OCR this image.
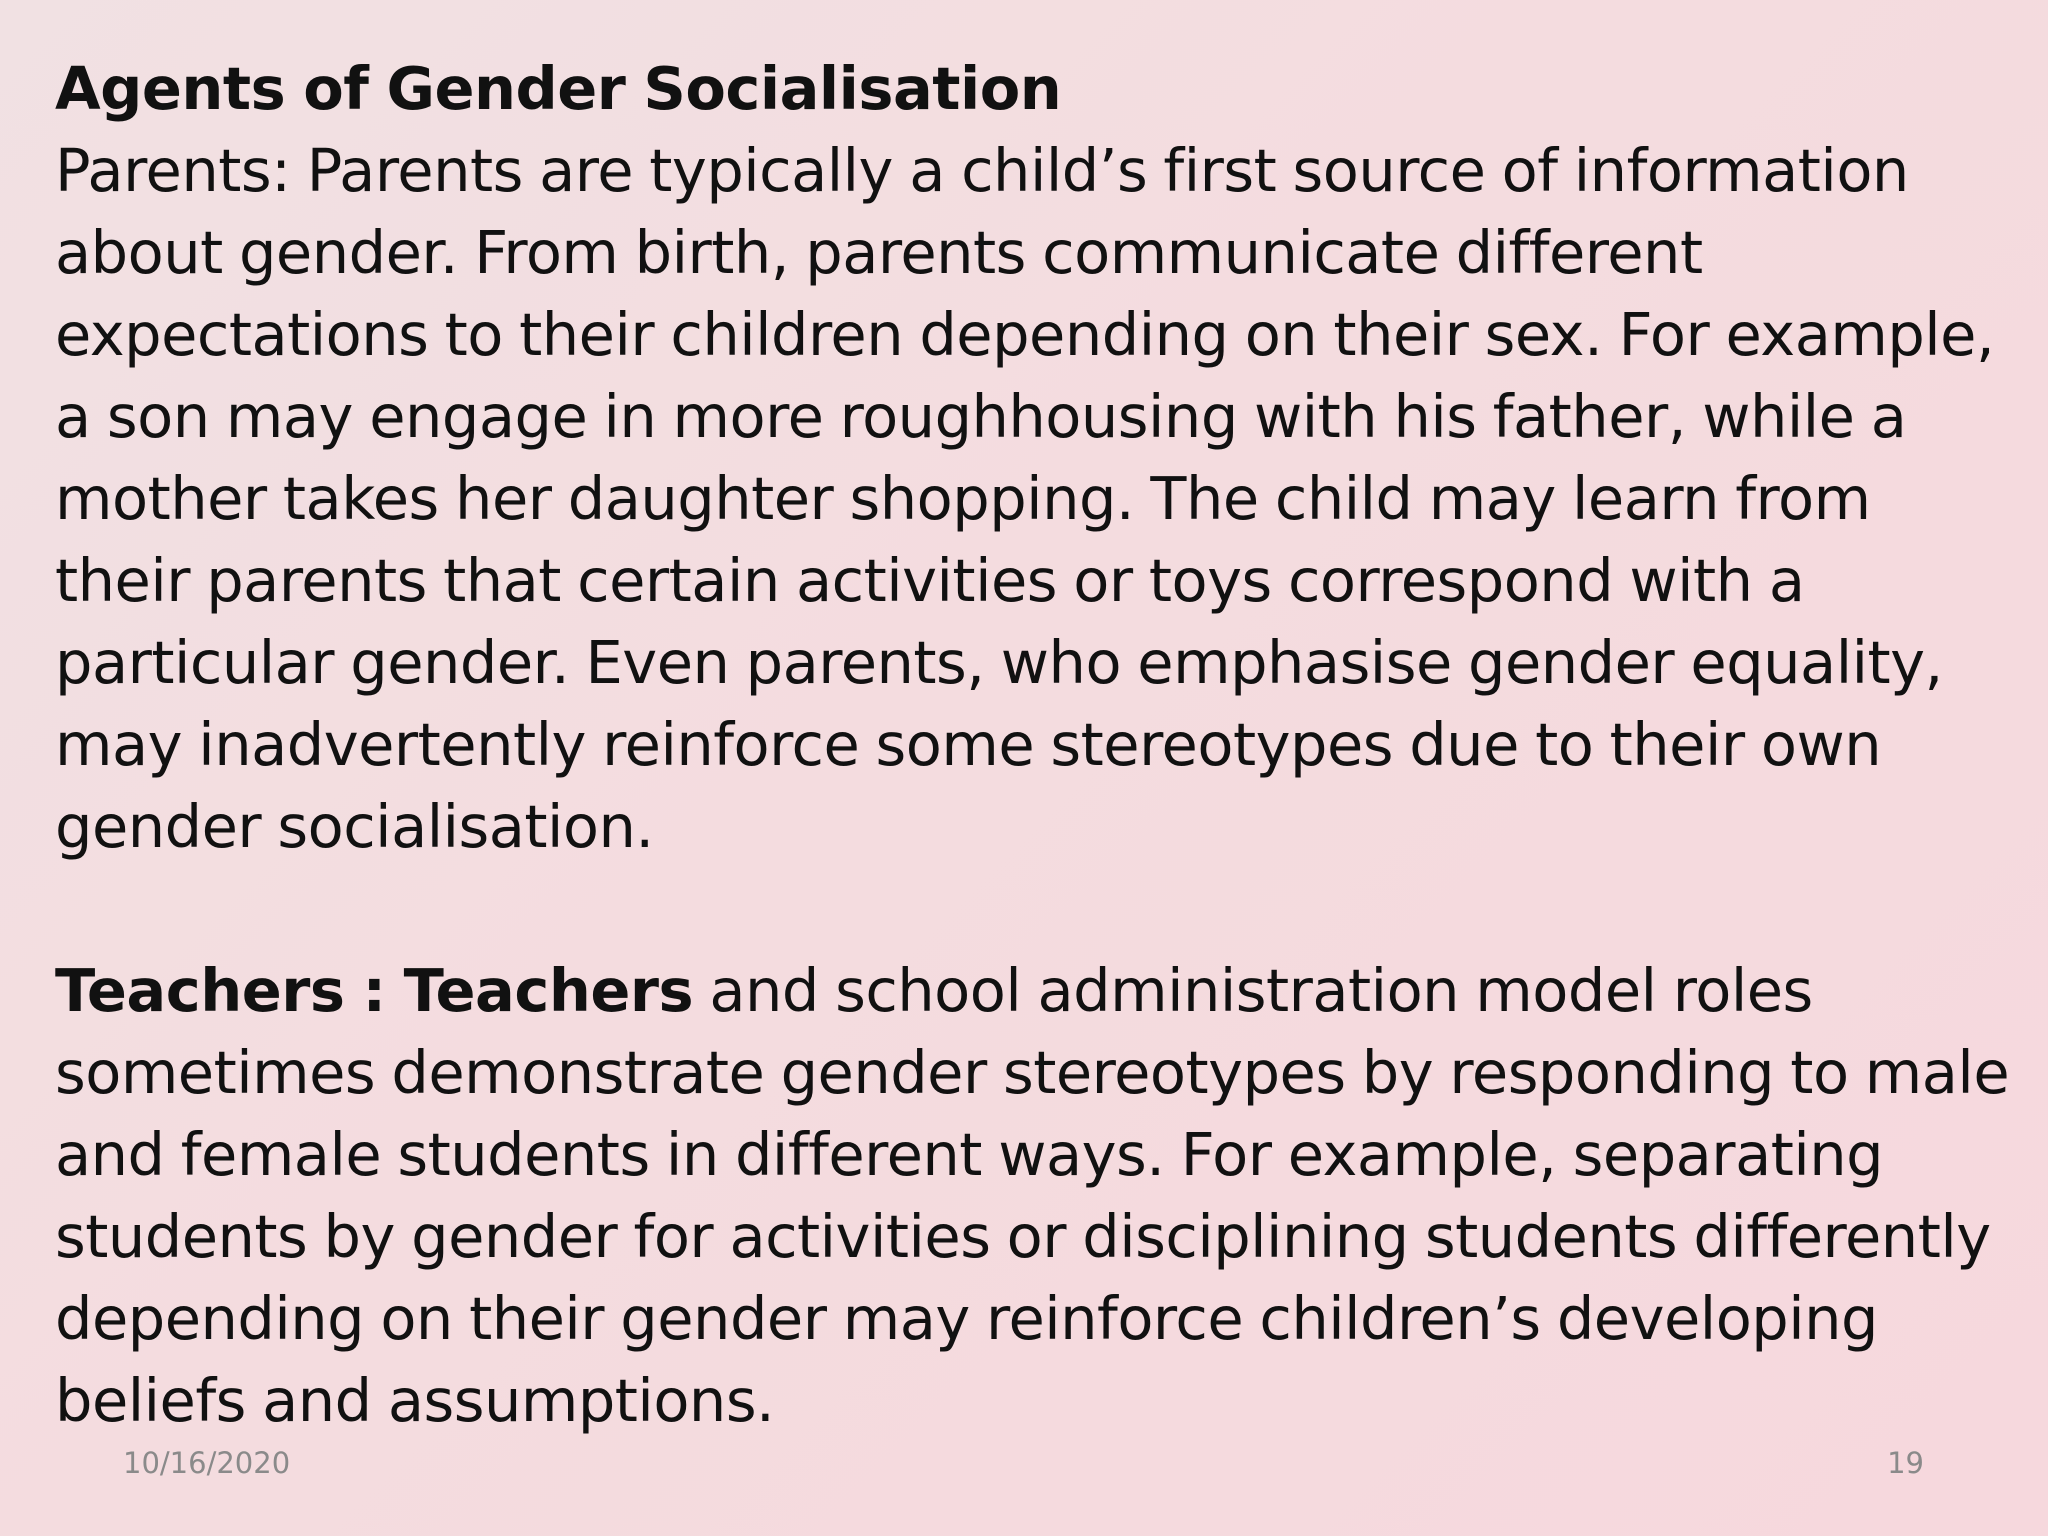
Agents of Gender Socialisation

Parents: Parents are typically a child’s first source of information about gender. From birth, parents communicate different expectations to their children depending on their sex. For example, a son may engage in more roughhousing with his father, while a mother takes her daughter shopping. The child may learn from their parents that certain activities or toys correspond with a particular gender. Even parents, who emphasise gender equality, may inadvertently reinforce some stereotypes due to their own gender socialisation.

Teachers : Teachers and school administration model roles sometimes demonstrate gender stereotypes by responding to male and female students in different ways. For example, separating students by gender for activities or disciplining students differently depending on their gender may reinforce children’s developing beliefs and assumptions.

10/16/2020	19
